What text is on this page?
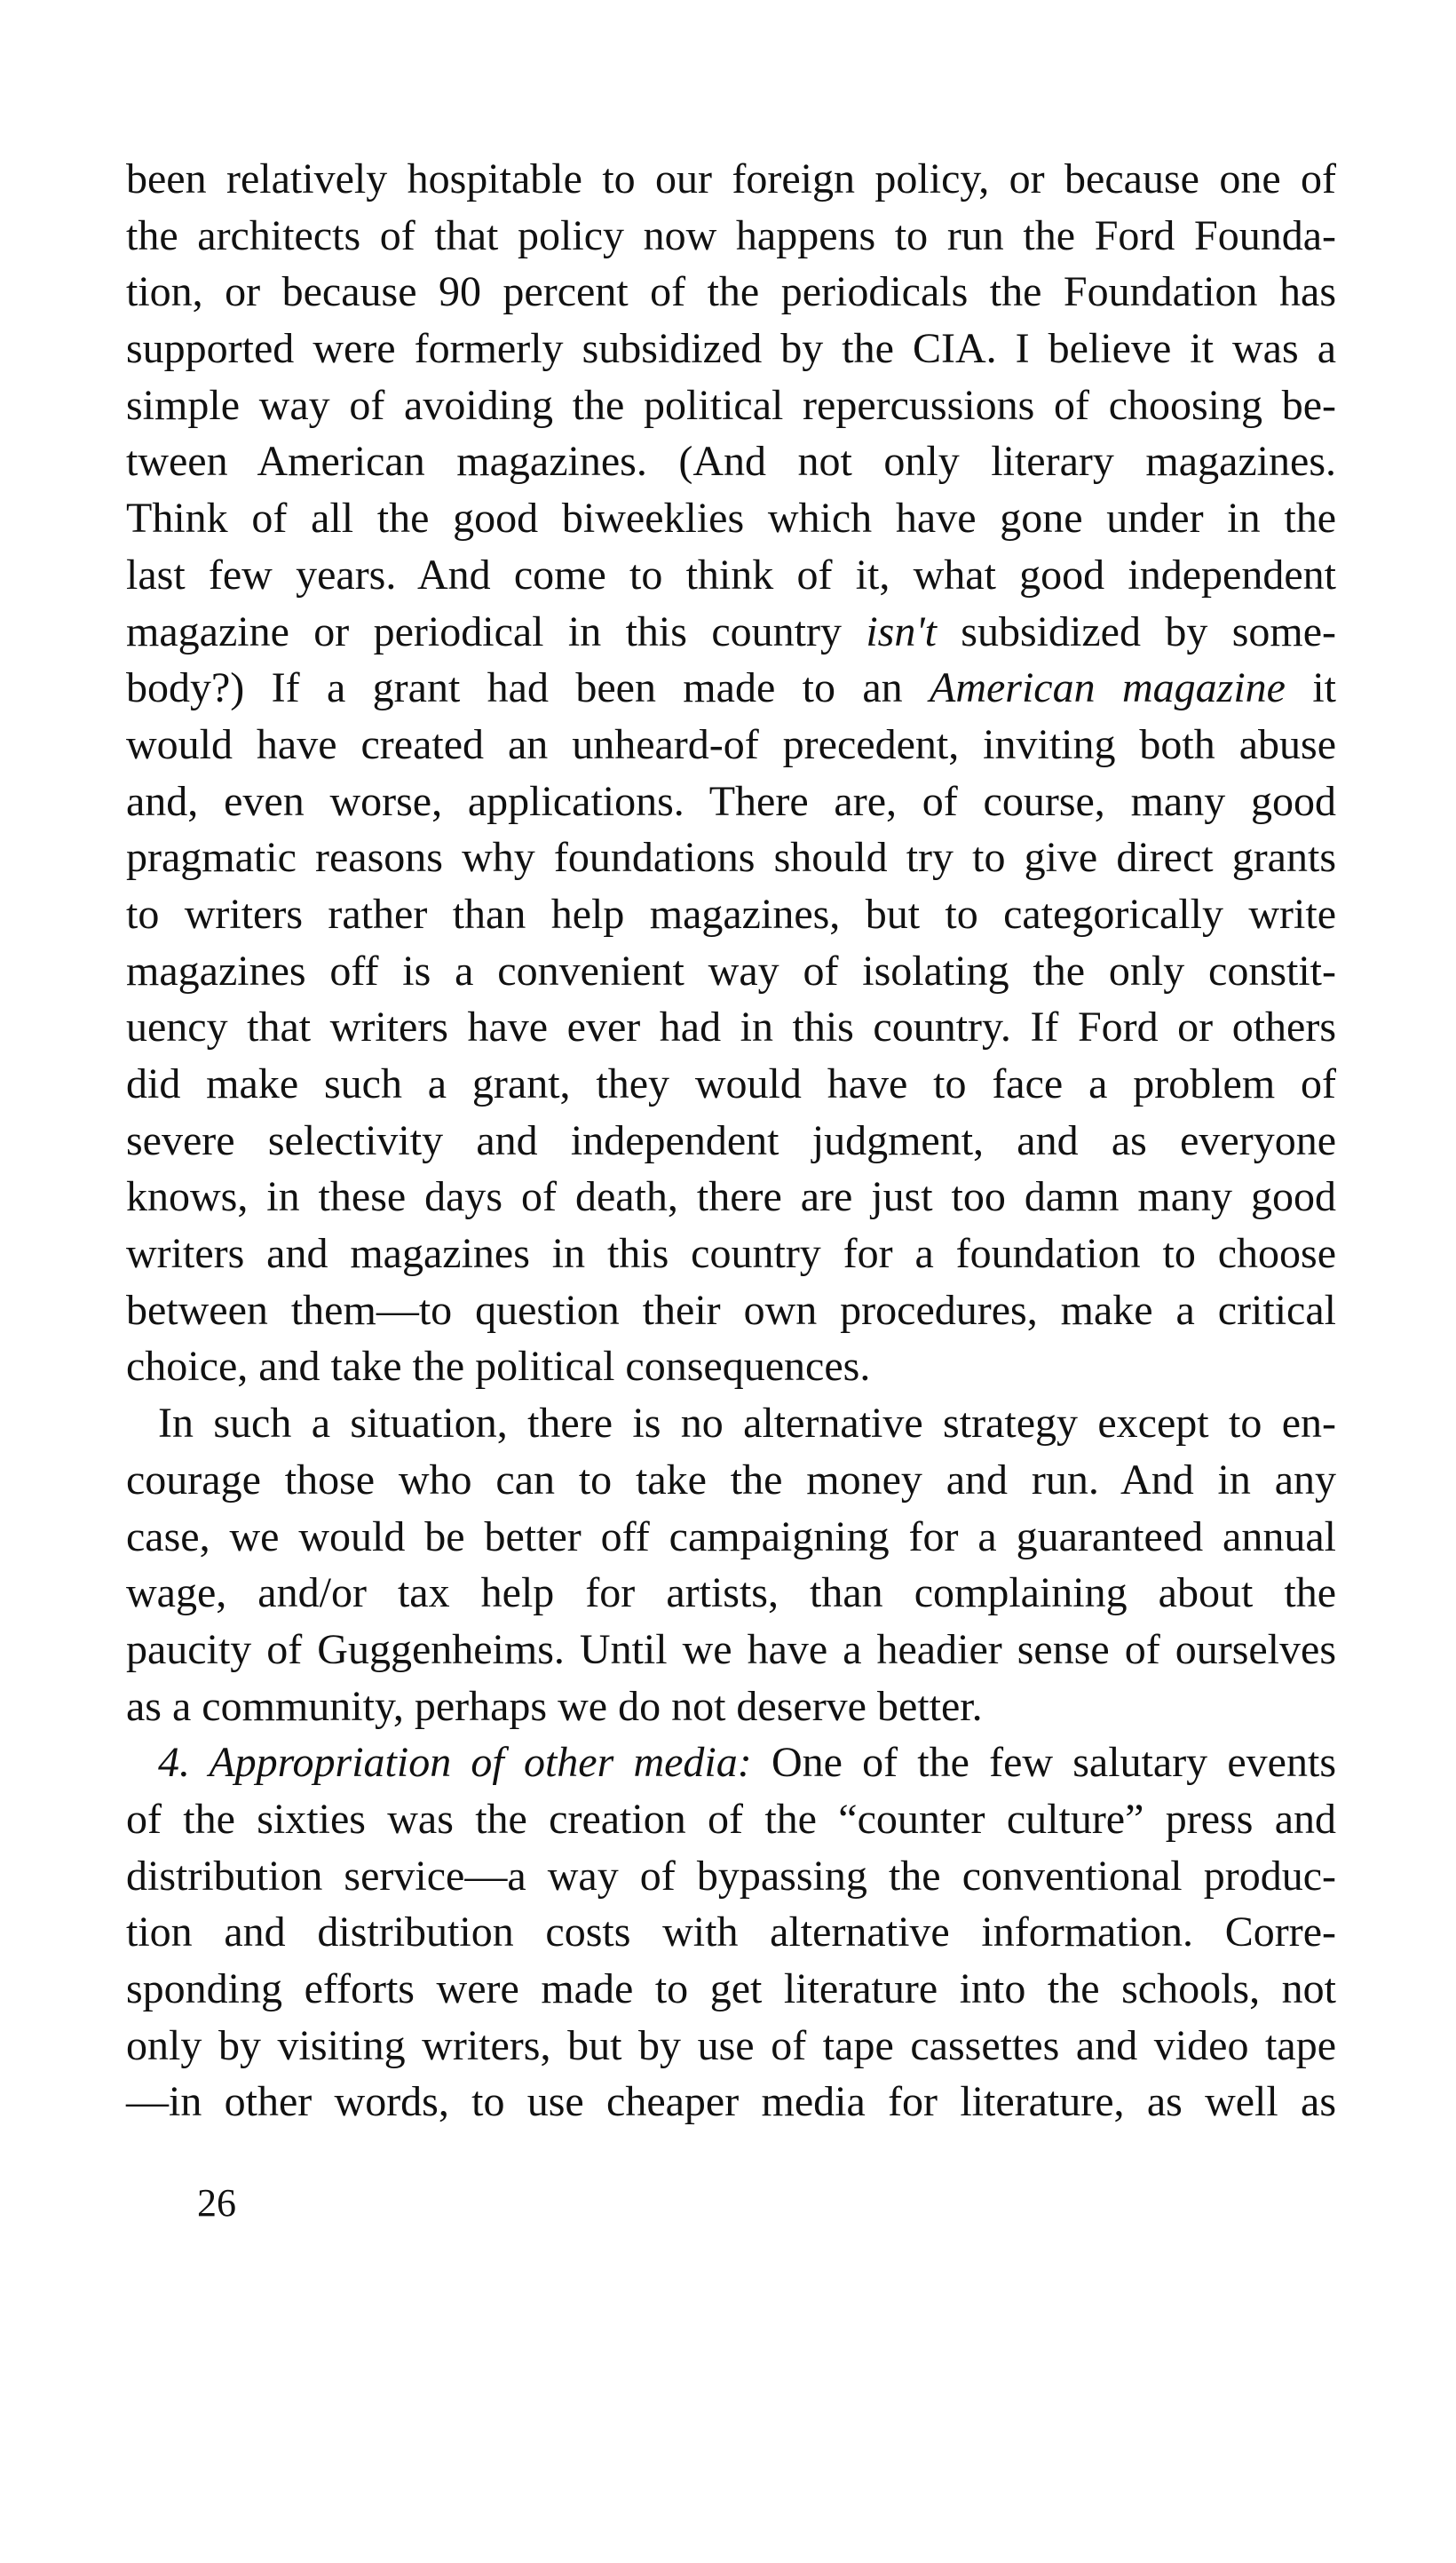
been relatively hospitable to our foreign policy, or because one of
the architects of that policy now happens to run the Ford Founda-
tion, or because 90 percent of the periodicals the Foundation has
supported were formerly subsidized by the CIA. I believe it was a
simple way of avoiding the political repercussions of choosing be-
tween American magazines. (And not only literary magazines.
Think of all the good biweeklies which have gone under in the
last few years. And come to think of it, what good independent
magazine or periodical in this country isn't subsidized by some-
body?) If a grant had been made to an American magazine it
would have created an unheard-of precedent, inviting both abuse
and, even worse, applications. There are, of course, many good
pragmatic reasons why foundations should try to give direct grants
to writers rather than help magazines, but to categorically write
magazines off is a convenient way of isolating the only constit-
uency that writers have ever had in this country. If Ford or others
did make such a grant, they would have to face a problem of
severe selectivity and independent judgment, and as everyone
knows, in these days of death, there are just too damn many good
writers and magazines in this country for a foundation to choose
between them—to question their own procedures, make a critical
choice, and take the political consequences.
In such a situation, there is no alternative strategy except to en-
courage those who can to take the money and run. And in any
case, we would be better off campaigning for a guaranteed annual
wage, and/or tax help for artists, than complaining about the
paucity of Guggenheims. Until we have a headier sense of ourselves
as a community, perhaps we do not deserve better.
4. Appropriation of other media: One of the few salutary events
of the sixties was the creation of the “counter culture” press and
distribution service—a way of bypassing the conventional produc-
tion and distribution costs with alternative information. Corre-
sponding efforts were made to get literature into the schools, not
only by visiting writers, but by use of tape cassettes and video tape
—in other words, to use cheaper media for literature, as well as
26
